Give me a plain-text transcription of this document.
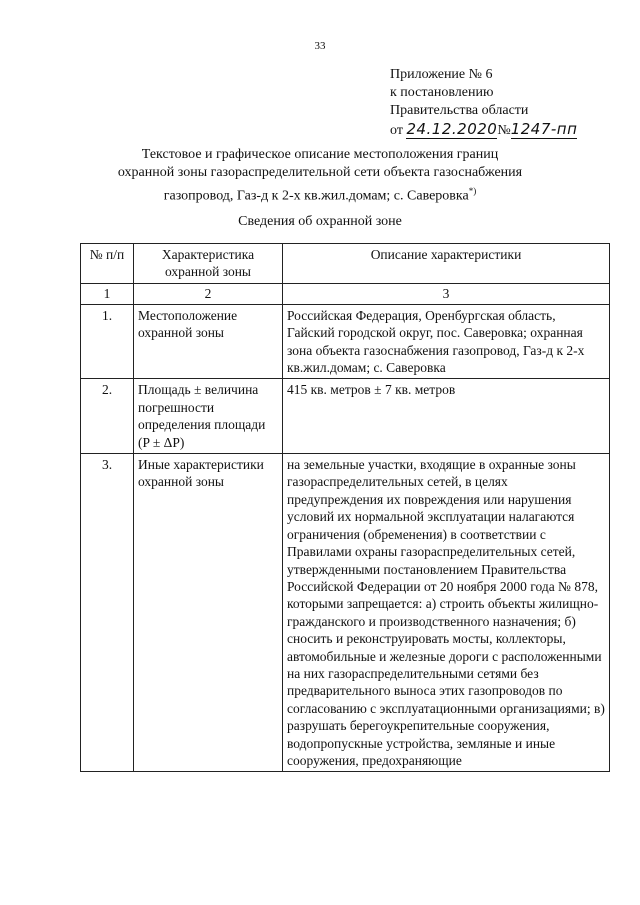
33
Приложение № 6
к постановлению
Правительства области
от 24.12.2020№1247-пп
Текстовое и графическое описание местоположения границ
охранной зоны газораспределительной сети объекта газоснабжения
газопровод, Газ-д к 2-х кв.жил.домам; с. Саверовка*)
Сведения об охранной зоне
№ п/п	Характеристика охранной зоны	Описание характеристики
1	2	3
1.	Местоположение охранной зоны	Российская Федерация, Оренбургская область, Гайский городской округ, пос. Саверовка; охранная зона объекта газоснабжения газопровод, Газ-д к 2-х кв.жил.домам; с. Саверовка
2.	Площадь ± величина погрешности определения площади (P ± ΔP)	415 кв. метров ± 7 кв. метров
3.	Иные характеристики охранной зоны	на земельные участки, входящие в охранные зоны газораспределительных сетей, в целях предупреждения их повреждения или нарушения условий их нормальной эксплуатации налагаются ограничения (обременения) в соответствии с Правилами охраны газораспределительных сетей, утвержденными постановлением Правительства Российской Федерации от 20 ноября 2000 года № 878, которыми запрещается: а) строить объекты жилищно-гражданского и производственного назначения; б) сносить и реконструировать мосты, коллекторы, автомобильные и железные дороги с расположенными на них газораспределительными сетями без предварительного выноса этих газопроводов по согласованию с эксплуатационными организациями; в) разрушать берегоукрепительные сооружения, водопропускные устройства, земляные и иные сооружения, предохраняющие
